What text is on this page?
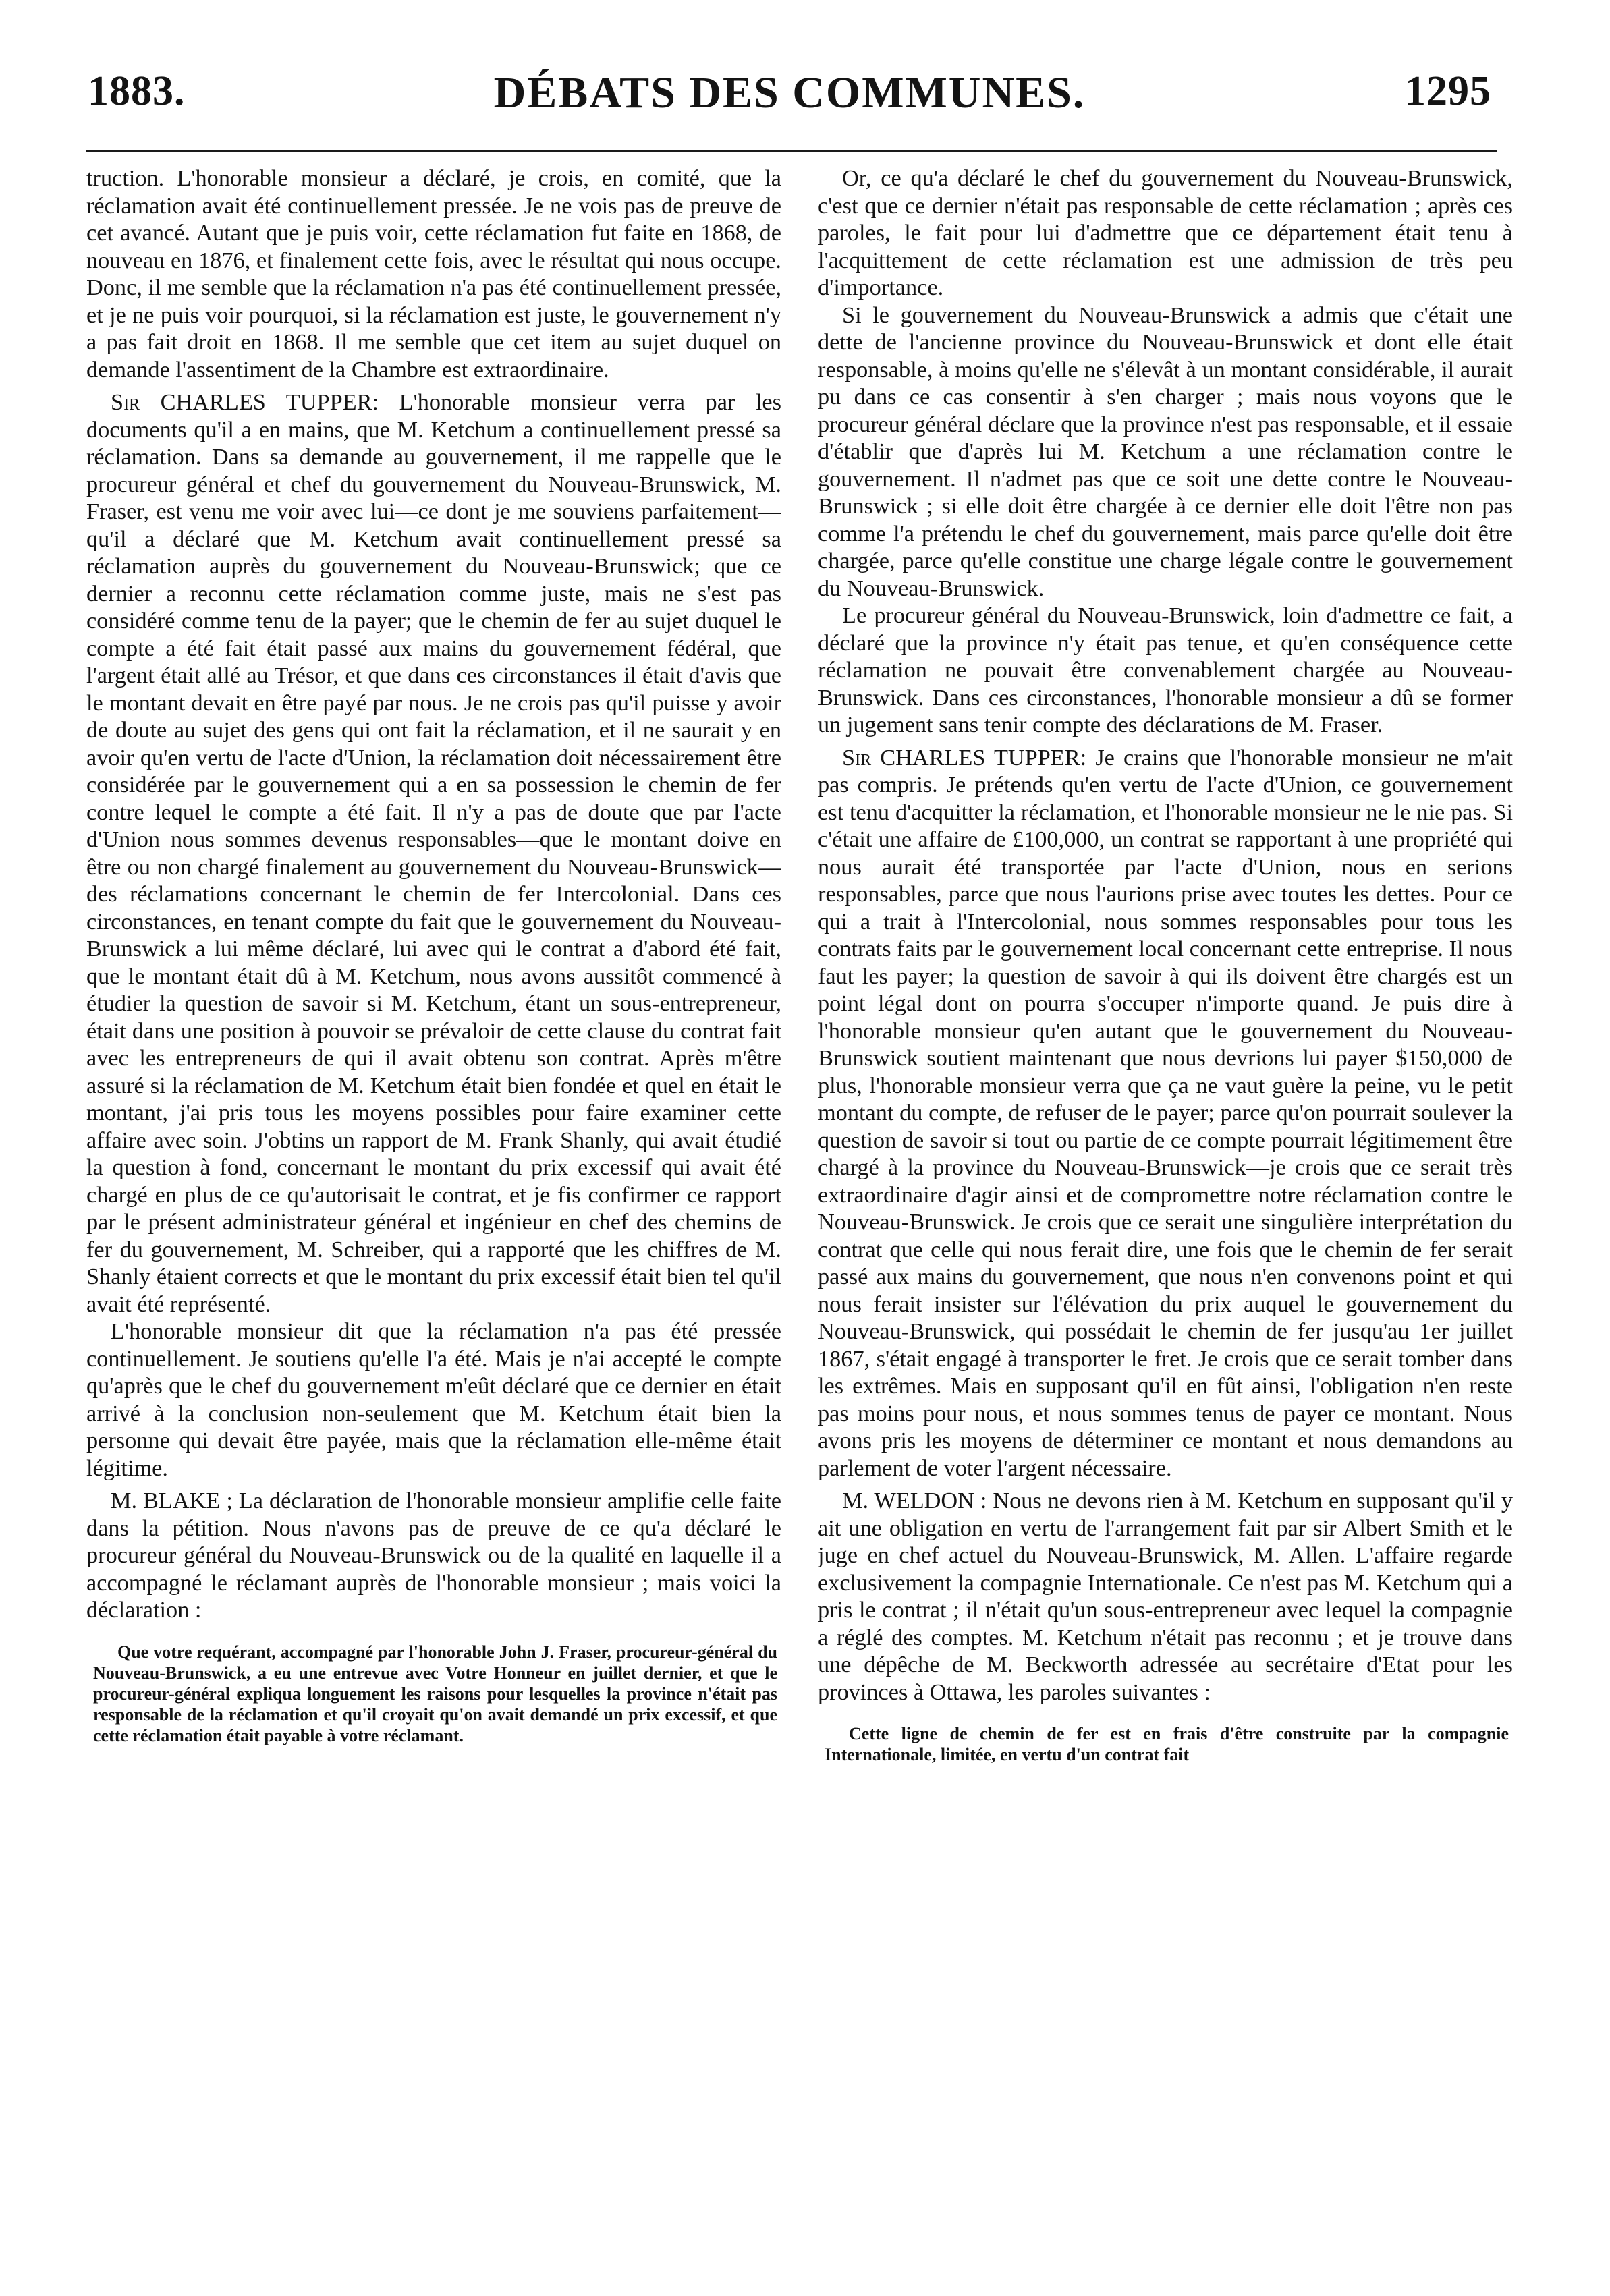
1883.	DÉBATS DES COMMUNES.	1295

truction. L'honorable monsieur a déclaré, je crois, en comité, que la réclamation avait été continuellement pressée. Je ne vois pas de preuve de cet avancé. Autant que je puis voir, cette réclamation fut faite en 1868, de nouveau en 1876, et finalement cette fois, avec le résultat qui nous occupe. Donc, il me semble que la réclamation n'a pas été continuellement pressée, et je ne puis voir pourquoi, si la réclamation est juste, le gouvernement n'y a pas fait droit en 1868. Il me semble que cet item au sujet duquel on demande l'assentiment de la Chambre est extraordinaire.

Sir CHARLES TUPPER: L'honorable monsieur verra par les documents qu'il a en mains, que M. Ketchum a continuellement pressé sa réclamation. Dans sa demande au gouvernement, il me rappelle que le procureur général et chef du gouvernement du Nouveau-Brunswick, M. Fraser, est venu me voir avec lui—ce dont je me souviens parfaitement—qu'il a déclaré que M. Ketchum avait continuellement pressé sa réclamation auprès du gouvernement du Nouveau-Brunswick; que ce dernier a reconnu cette réclamation comme juste, mais ne s'est pas considéré comme tenu de la payer; que le chemin de fer au sujet duquel le compte a été fait était passé aux mains du gouvernement fédéral, que l'argent était allé au Trésor, et que dans ces circonstances il était d'avis que le montant devait en être payé par nous. Je ne crois pas qu'il puisse y avoir de doute au sujet des gens qui ont fait la réclamation, et il ne saurait y en avoir qu'en vertu de l'acte d'Union, la réclamation doit nécessairement être considérée par le gouvernement qui a en sa possession le chemin de fer contre lequel le compte a été fait. Il n'y a pas de doute que par l'acte d'Union nous sommes devenus responsables—que le montant doive en être ou non chargé finalement au gouvernement du Nouveau-Brunswick—des réclamations concernant le chemin de fer Intercolonial. Dans ces circonstances, en tenant compte du fait que le gouvernement du Nouveau-Brunswick a lui même déclaré, lui avec qui le contrat a d'abord été fait, que le montant était dû à M. Ketchum, nous avons aussitôt commencé à étudier la question de savoir si M. Ketchum, étant un sous-entrepreneur, était dans une position à pouvoir se prévaloir de cette clause du contrat fait avec les entrepreneurs de qui il avait obtenu son contrat. Après m'être assuré si la réclamation de M. Ketchum était bien fondée et quel en était le montant, j'ai pris tous les moyens possibles pour faire examiner cette affaire avec soin. J'obtins un rapport de M. Frank Shanly, qui avait étudié la question à fond, concernant le montant du prix excessif qui avait été chargé en plus de ce qu'autorisait le contrat, et je fis confirmer ce rapport par le présent administrateur général et ingénieur en chef des chemins de fer du gouvernement, M. Schreiber, qui a rapporté que les chiffres de M. Shanly étaient corrects et que le montant du prix excessif était bien tel qu'il avait été représenté.

L'honorable monsieur dit que la réclamation n'a pas été pressée continuellement. Je soutiens qu'elle l'a été. Mais je n'ai accepté le compte qu'après que le chef du gouvernement m'eût déclaré que ce dernier en était arrivé à la conclusion non-seulement que M. Ketchum était bien la personne qui devait être payée, mais que la réclamation elle-même était légitime.

M. BLAKE ; La déclaration de l'honorable monsieur amplifie celle faite dans la pétition. Nous n'avons pas de preuve de ce qu'a déclaré le procureur général du Nouveau-Brunswick ou de la qualité en laquelle il a accompagné le réclamant auprès de l'honorable monsieur ; mais voici la déclaration :

Que votre requérant, accompagné par l'honorable John J. Fraser, procureur-général du Nouveau-Brunswick, a eu une entrevue avec Votre Honneur en juillet dernier, et que le procureur-général expliqua longuement les raisons pour lesquelles la province n'était pas responsable de la réclamation et qu'il croyait qu'on avait demandé un prix excessif, et que cette réclamation était payable à votre réclamant.

Or, ce qu'a déclaré le chef du gouvernement du Nouveau-Brunswick, c'est que ce dernier n'était pas responsable de cette réclamation ; après ces paroles, le fait pour lui d'admettre que ce département était tenu à l'acquittement de cette réclamation est une admission de très peu d'importance.

Si le gouvernement du Nouveau-Brunswick a admis que c'était une dette de l'ancienne province du Nouveau-Brunswick et dont elle était responsable, à moins qu'elle ne s'élevât à un montant considérable, il aurait pu dans ce cas consentir à s'en charger ; mais nous voyons que le procureur général déclare que la province n'est pas responsable, et il essaie d'établir que d'après lui M. Ketchum a une réclamation contre le gouvernement. Il n'admet pas que ce soit une dette contre le Nouveau-Brunswick ; si elle doit être chargée à ce dernier elle doit l'être non pas comme l'a prétendu le chef du gouvernement, mais parce qu'elle doit être chargée, parce qu'elle constitue une charge légale contre le gouvernement du Nouveau-Brunswick.

Le procureur général du Nouveau-Brunswick, loin d'admettre ce fait, a déclaré que la province n'y était pas tenue, et qu'en conséquence cette réclamation ne pouvait être convenablement chargée au Nouveau-Brunswick. Dans ces circonstances, l'honorable monsieur a dû se former un jugement sans tenir compte des déclarations de M. Fraser.

Sir CHARLES TUPPER: Je crains que l'honorable monsieur ne m'ait pas compris. Je prétends qu'en vertu de l'acte d'Union, ce gouvernement est tenu d'acquitter la réclamation, et l'honorable monsieur ne le nie pas. Si c'était une affaire de £100,000, un contrat se rapportant à une propriété qui nous aurait été transportée par l'acte d'Union, nous en serions responsables, parce que nous l'aurions prise avec toutes les dettes. Pour ce qui a trait à l'Intercolonial, nous sommes responsables pour tous les contrats faits par le gouvernement local concernant cette entreprise. Il nous faut les payer; la question de savoir à qui ils doivent être chargés est un point légal dont on pourra s'occuper n'importe quand. Je puis dire à l'honorable monsieur qu'en autant que le gouvernement du Nouveau-Brunswick soutient maintenant que nous devrions lui payer $150,000 de plus, l'honorable monsieur verra que ça ne vaut guère la peine, vu le petit montant du compte, de refuser de le payer; parce qu'on pourrait soulever la question de savoir si tout ou partie de ce compte pourrait légitimement être chargé à la province du Nouveau-Brunswick—je crois que ce serait très extraordinaire d'agir ainsi et de compromettre notre réclamation contre le Nouveau-Brunswick. Je crois que ce serait une singulière interprétation du contrat que celle qui nous ferait dire, une fois que le chemin de fer serait passé aux mains du gouvernement, que nous n'en convenons point et qui nous ferait insister sur l'élévation du prix auquel le gouvernement du Nouveau-Brunswick, qui possédait le chemin de fer jusqu'au 1er juillet 1867, s'était engagé à transporter le fret. Je crois que ce serait tomber dans les extrêmes. Mais en supposant qu'il en fût ainsi, l'obligation n'en reste pas moins pour nous, et nous sommes tenus de payer ce montant. Nous avons pris les moyens de déterminer ce montant et nous demandons au parlement de voter l'argent nécessaire.

M. WELDON : Nous ne devons rien à M. Ketchum en supposant qu'il y ait une obligation en vertu de l'arrangement fait par sir Albert Smith et le juge en chef actuel du Nouveau-Brunswick, M. Allen. L'affaire regarde exclusivement la compagnie Internationale. Ce n'est pas M. Ketchum qui a pris le contrat ; il n'était qu'un sous-entrepreneur avec lequel la compagnie a réglé des comptes. M. Ketchum n'était pas reconnu ; et je trouve dans une dépêche de M. Beckworth adressée au secrétaire d'Etat pour les provinces à Ottawa, les paroles suivantes :

Cette ligne de chemin de fer est en frais d'être construite par la compagnie Internationale, limitée, en vertu d'un contrat fait
